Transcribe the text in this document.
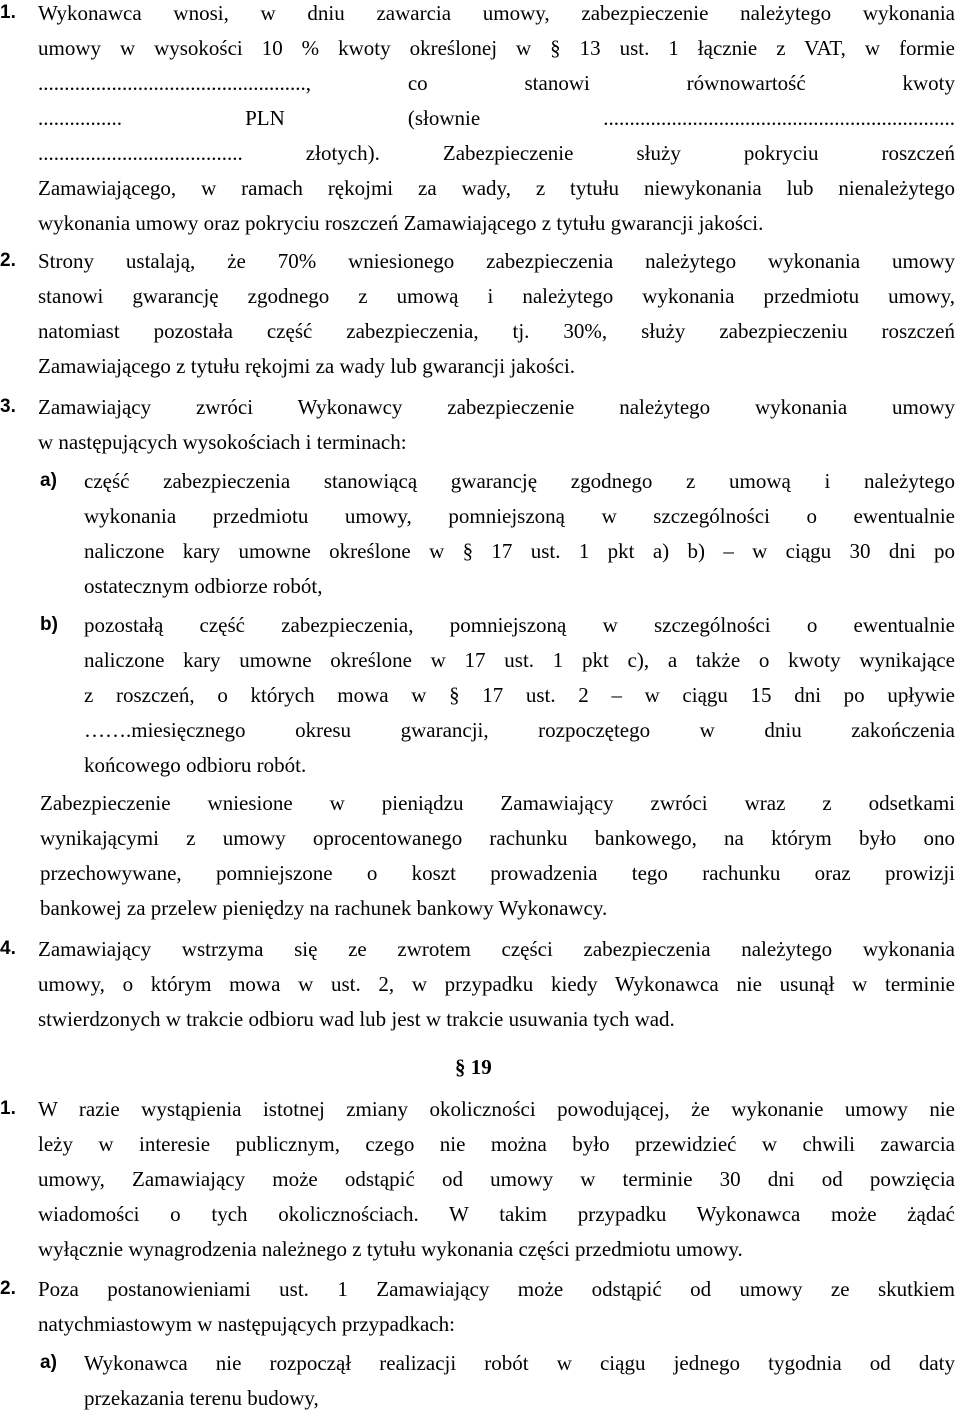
1. Wykonawca wnosi, w dniu zawarcia umowy, zabezpieczenie należytego wykonania
umowy w wysokości 10 % kwoty określonej w § 13 ust. 1 łącznie z VAT, w formie
..................................................., co stanowi równowartość kwoty
................ PLN (słownie ...................................................................
....................................... złotych). Zabezpieczenie służy pokryciu roszczeń
Zamawiającego, w ramach rękojmi za wady, z tytułu niewykonania lub nienależytego
wykonania umowy oraz pokryciu roszczeń Zamawiającego z tytułu gwarancji jakości.
2. Strony ustalają, że 70% wniesionego zabezpieczenia należytego wykonania umowy
stanowi gwarancję zgodnego z umową i należytego wykonania przedmiotu umowy,
natomiast pozostała część zabezpieczenia, tj. 30%, służy zabezpieczeniu roszczeń
Zamawiającego z tytułu rękojmi za wady lub gwarancji jakości.
3. Zamawiający zwróci Wykonawcy zabezpieczenie należytego wykonania umowy
w następujących wysokościach i terminach:
a) część zabezpieczenia stanowiącą gwarancję zgodnego z umową i należytego
wykonania przedmiotu umowy, pomniejszoną w szczególności o ewentualnie
naliczone kary umowne określone w § 17 ust. 1 pkt a) b) – w ciągu 30 dni po
ostatecznym odbiorze robót,
b) pozostałą część zabezpieczenia, pomniejszoną w szczególności o ewentualnie
naliczone kary umowne określone w 17 ust. 1 pkt c), a także o kwoty wynikające
z roszczeń, o których mowa w § 17 ust. 2 – w ciągu 15 dni po upływie
…….miesięcznego okresu gwarancji, rozpoczętego w dniu zakończenia
końcowego odbioru robót.
Zabezpieczenie wniesione w pieniądzu Zamawiający zwróci wraz z odsetkami
wynikającymi z umowy oprocentowanego rachunku bankowego, na którym było ono
przechowywane, pomniejszone o koszt prowadzenia tego rachunku oraz prowizji
bankowej za przelew pieniędzy na rachunek bankowy Wykonawcy.
4. Zamawiający wstrzyma się ze zwrotem części zabezpieczenia należytego wykonania
umowy, o którym mowa w ust. 2, w przypadku kiedy Wykonawca nie usunął w terminie
stwierdzonych w trakcie odbioru wad lub jest w trakcie usuwania tych wad.
1. W razie wystąpienia istotnej zmiany okoliczności powodującej, że wykonanie umowy nie
leży w interesie publicznym, czego nie można było przewidzieć w chwili zawarcia
umowy, Zamawiający może odstąpić od umowy w terminie 30 dni od powzięcia
wiadomości o tych okolicznościach. W takim przypadku Wykonawca może żądać
wyłącznie wynagrodzenia należnego z tytułu wykonania części przedmiotu umowy.
2. Poza postanowieniami ust. 1 Zamawiający może odstąpić od umowy ze skutkiem
natychmiastowym w następujących przypadkach:
a) Wykonawca nie rozpoczął realizacji robót w ciągu jednego tygodnia od daty
przekazania terenu budowy,
§ 19
